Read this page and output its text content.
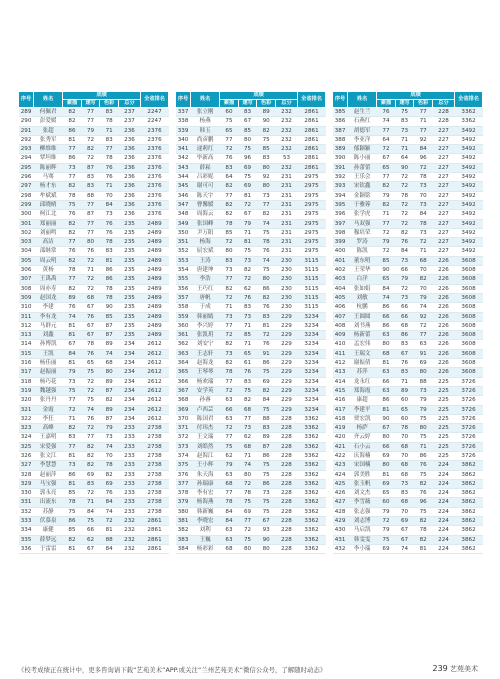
序号	姓名	成绩				全省排名
		素描	速写	色彩	总分	
289	何佩君	82	77	83	237	2247
290	彭爱媛	82	77	78	237	2247
291	张超	86	79	71	236	2376
292	张秀军	81	72	83	236	2376
293	柳维维	77	82	77	236	2376
294	覃坦维	86	72	78	236	2376
295	陈丽辉	73	87	76	236	2376
296	马骞	77	83	76	236	2376
297	杨才东	82	83	71	236	2376
298	牟斌斌	78	88	70	236	2376
299	邱晓晴	75	77	84	236	2376
300	柯江北	76	87	73	236	2376
301	郑丽丽	82	77	76	235	2489
302	刘丽鸣	82	77	76	235	2489
303	高洁	77	80	78	235	2489
304	邵继常	76	76	83	235	2489
305	周云明	82	72	81	235	2489
306	黄杨	78	71	86	235	2489
307	王禹禹	77	72	86	235	2489
308	周亦寿	82	72	78	235	2489
309	赵国龙	89	68	78	235	2489
310	李建	76	67	90	235	2489
311	李有龙	74	76	85	235	2489
312	马群元	81	67	87	235	2489
313	刘鑫	81	67	87	235	2489
314	孙博凯	67	78	89	234	2612
315	王凯	84	76	74	234	2612
316	杨佳丽	81	65	68	234	2612
317	赵振丽	79	75	80	234	2612
318	杨巧花	73	72	89	234	2612
319	魏越强	75	72	87	234	2612
320	张丹丹	77	75	82	234	2612
321	金霞	72	74	89	234	2612
322	李狂	71	76	87	234	2612
323	高峰	82	72	79	233	2738
324	王嘉明	83	77	73	233	2738
325	宋爱强	77	82	74	233	2738
326	张文江	81	82	70	233	2738
327	李慧慧	73	82	78	233	2738
328	赵丽萍	86	69	82	233	2738
329	马宝强	81	83	69	233	2738
330	郭永亮	85	72	76	233	2738
331	出流东	78	71	84	233	2738
332	苏静	75	84	74	233	2738
333	伏慕泉	86	75	72	232	2861
334	康健	85	66	81	232	2861
335	薛梦远	82	62	88	232	2861
336	于雷雷	81	67	84	232	2861
序号	姓名	成绩				全省排名
		素描	速写	色彩	总分	
337	张立刚	60	83	89	232	2861
338	杨燕	75	67	90	232	2861
339	韩玉	65	85	82	232	2861
340	尚彦鹏	77	80	75	232	2861
341	逯莉红	72	75	85	232	2861
342	毕新高	76	96	83	53	2861
343	薛崧	83	69	80	232	2861
344	吕彩妮	64	75	92	231	2975
345	谢可可	82	69	80	231	2975
346	陈天宇	77	81	73	231	2975
347	曹馨媛	82	72	77	231	2975
348	周海云	82	67	82	231	2975
349	张国峰	78	79	74	231	2975
350	尹万阳	85	71	75	231	2975
351	杨海	72	81	78	231	2975
352	屈宏斌	80	75	76	231	2975
353	王涛	83	73	74	230	3115
354	唐建坤	73	82	75	230	3115
355	李浩	77	72	80	230	3115
356	王巧红	82	62	86	230	3115
357	唐帆	72	76	82	230	3115
358	于成	71	83	76	230	3115
359	韩丽嫣	73	73	83	229	3234
360	李兴婷	77	71	81	229	3234
361	张凯玥	72	85	72	229	3234
362	刘安宁	82	71	76	229	3234
363	王志轩	73	65	91	229	3234
364	赵海龙	82	61	86	229	3234
365	王琴琴	78	76	75	229	3234
366	杨欢瑞	77	83	69	229	3234
367	安学英	72	75	82	229	3234
368	孙睿	63	82	84	229	3234
369	卢西芸	66	68	75	229	3234
370	陈国君	63	77	88	228	3362
371	付玮杰	72	73	83	228	3362
372	王文瑞	77	62	89	228	3362
373	刘皓然	75	68	87	228	3362
374	赵海江	62	71	86	228	3362
375	王小辉	79	74	75	228	3362
376	朱天海	63	80	75	228	3362
377	孙瑞康	68	72	86	228	3362
378	李有宏	77	78	73	228	3362
379	杨海燕	78	75	75	228	3362
380	韩新巍	84	69	75	228	3362
381	李晓宏	84	77	67	228	3362
382	刘利	63	72	93	228	3362
383	王巍	63	75	90	228	3362
384	杨彩彩	68	80	80	228	3362
序号	姓名	成绩				全省排名
		素描	速写	色彩	总分	
385	赵生兰	76	75	77	228	3362
386	石燕红	74	83	71	228	3362
387	胡德军	77	73	77	227	3492
388	李亚洋	64	71	92	227	3492
389	郁颖颖	72	71	84	227	3492
390	陈小丽	67	64	96	227	3492
391	孙蕾蕾	65	90	72	227	3492
392	王乐会	77	72	78	227	3492
393	宋钦鑫	82	72	73	227	3492
394	金颖铭	79	78	70	227	3492
395	于雅蓉	82	72	73	227	3492
396	张学虎	71	72	84	227	3492
397	马双强	77	72	78	227	3492
398	穆培荣	72	82	73	227	3492
399	罗涛	79	76	72	227	3492
400	陈凯	72	84	71	227	3492
401	董东明	85	73	68	226	3608
402	王荣华	90	66	70	226	3608
403	白洋	65	79	82	226	3608
404	张如娟	84	72	70	226	3608
405	刘敏	74	73	79	226	3608
406	杭鹏	86	66	74	226	3608
407	王圆圆	66	66	92	226	3608
408	刘书燕	86	68	72	226	3608
409	杨新蕾	63	86	77	226	3608
410	孟宏伟	80	83	63	226	3608
411	王瑞文	68	67	91	226	3608
412	谢振倩	81	76	69	226	3608
413	苏萍	63	83	80	226	3608
414	龙永红	66	71	88	225	3726
415	郑海霞	63	89	73	225	3726
416	康超	86	60	79	225	3726
417	李建平	81	65	79	225	3726
418	贾宏凯	90	60	75	225	3726
419	杨萨	67	78	80	225	3726
420	齐云婷	80	70	75	225	3726
421	石小云	66	68	71	225	3726
422	庆海楠	69	70	86	225	3726
423	宋国楠	80	68	76	224	3862
424	郭美胜	81	68	75	224	3862
425	张玉帆	69	73	82	224	3862
426	刘文杰	65	83	76	224	3862
427	李雪薇	60	68	96	224	3862
428	张志强	79	70	75	224	3862
429	刘志博	72	69	82	224	3862
430	马启凯	79	67	78	224	3862
431	韩雯雯	75	67	82	224	3862
432	李小瑞	69	74	81	224	3862
《校考成绩正在统计中，更多咨询请下载“艺苑美术”APP.或关注“兰州艺苑美术“微信公众号，了解随时动态》	239 艺苑美术
